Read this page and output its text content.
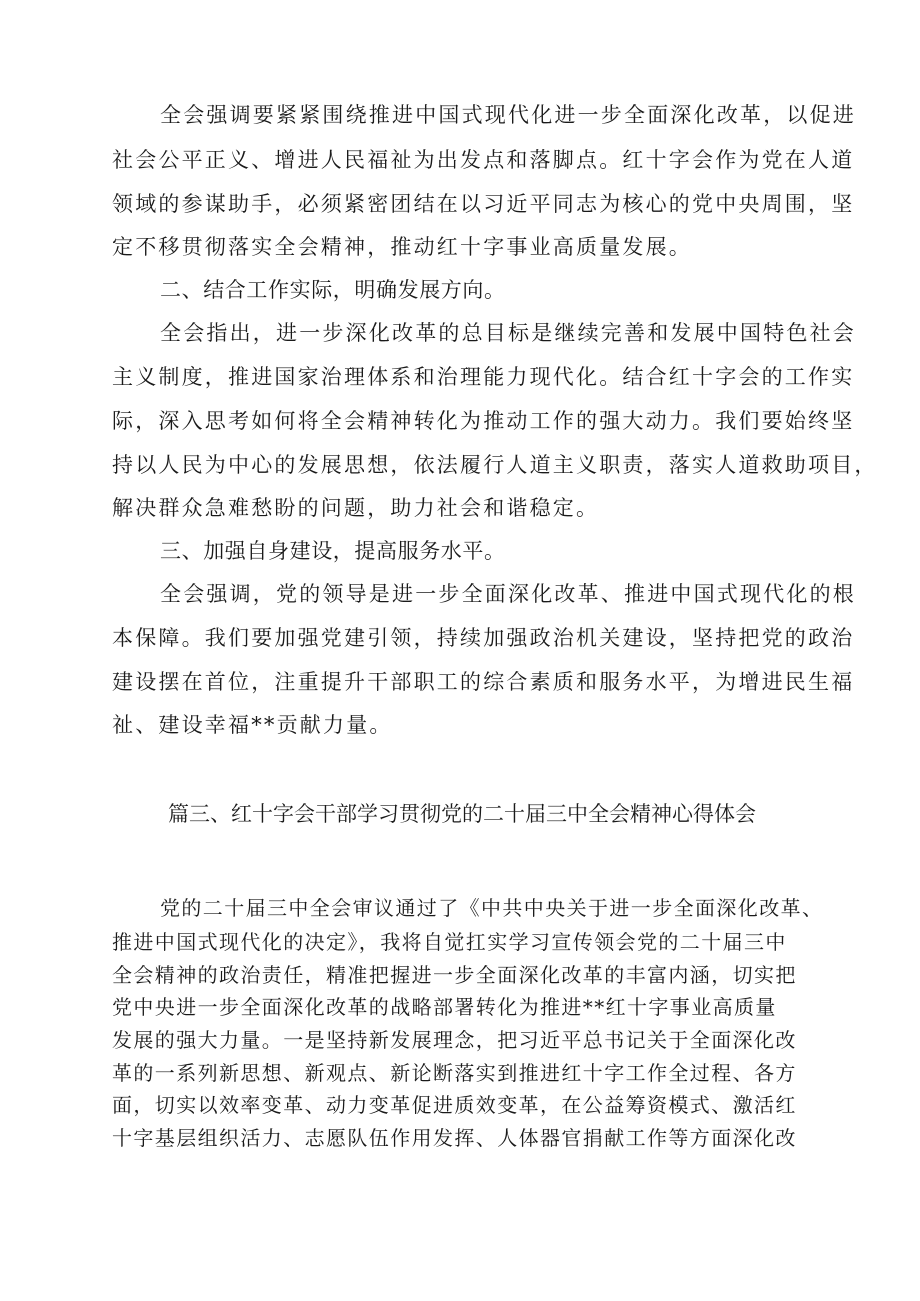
全会强调要紧紧围绕推进中国式现代化进一步全面深化改革，以促进
社会公平正义、增进人民福祉为出发点和落脚点。红十字会作为党在人道
领域的参谋助手，必须紧密团结在以习近平同志为核心的党中央周围，坚
定不移贯彻落实全会精神，推动红十字事业高质量发展。
二、结合工作实际，明确发展方向。
全会指出，进一步深化改革的总目标是继续完善和发展中国特色社会
主义制度，推进国家治理体系和治理能力现代化。结合红十字会的工作实
际，深入思考如何将全会精神转化为推动工作的强大动力。我们要始终坚
持以人民为中心的发展思想，依法履行人道主义职责，落实人道救助项目，
解决群众急难愁盼的问题，助力社会和谐稳定。
三、加强自身建设，提高服务水平。
全会强调，党的领导是进一步全面深化改革、推进中国式现代化的根
本保障。我们要加强党建引领，持续加强政治机关建设，坚持把党的政治
建设摆在首位，注重提升干部职工的综合素质和服务水平，为增进民生福
祉、建设幸福**贡献力量。
篇三、红十字会干部学习贯彻党的二十届三中全会精神心得体会
党的二十届三中全会审议通过了《中共中央关于进一步全面深化改革、
推进中国式现代化的决定》，我将自觉扛实学习宣传领会党的二十届三中
全会精神的政治责任，精准把握进一步全面深化改革的丰富内涵，切实把
党中央进一步全面深化改革的战略部署转化为推进**红十字事业高质量
发展的强大力量。一是坚持新发展理念，把习近平总书记关于全面深化改
革的一系列新思想、新观点、新论断落实到推进红十字工作全过程、各方
面，切实以效率变革、动力变革促进质效变革，在公益筹资模式、激活红
十字基层组织活力、志愿队伍作用发挥、人体器官捐献工作等方面深化改
